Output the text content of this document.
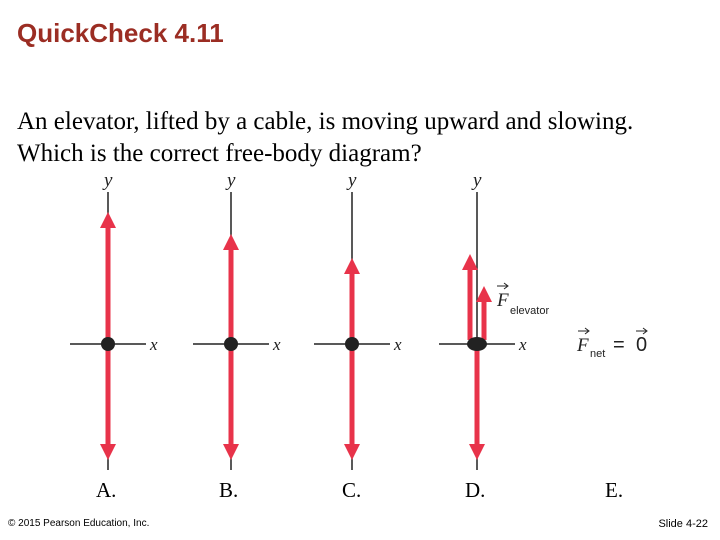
QuickCheck 4.11

An elevator, lifted by a cable, is moving upward and slowing. Which is the correct free-body diagram?

y
x
y
x
y
x
y
x
F elevator
F net = 0
A.	B.	C.	D.	E.
© 2015 Pearson Education, Inc.	Slide 4-22
